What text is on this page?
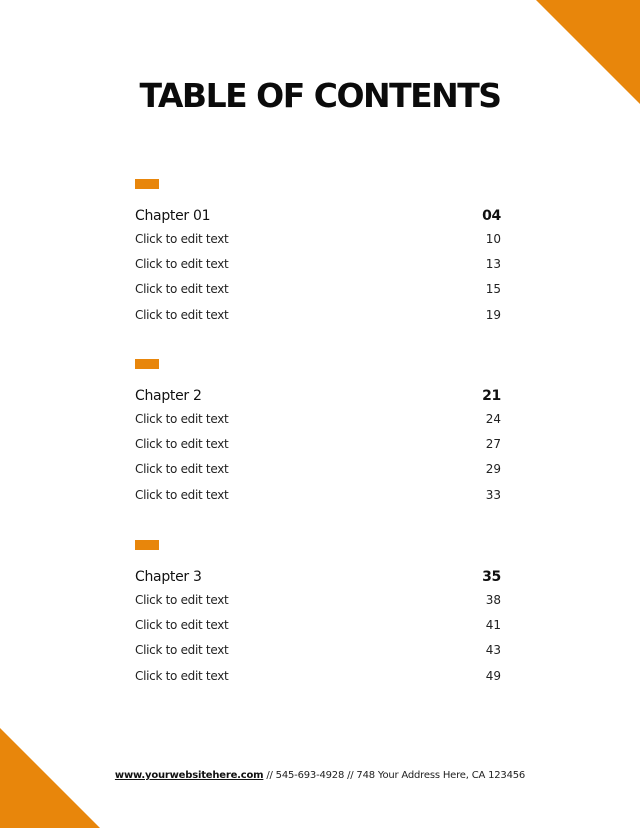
TABLE OF CONTENTS
Chapter 01	04
Click to edit text	10
Click to edit text	13
Click to edit text	15
Click to edit text	19
Chapter 2	21
Click to edit text	24
Click to edit text	27
Click to edit text	29
Click to edit text	33
Chapter 3	35
Click to edit text	38
Click to edit text	41
Click to edit text	43
Click to edit text	49
www.yourwebsitehere.com // 545-693-4928 // 748 Your Address Here, CA 123456
